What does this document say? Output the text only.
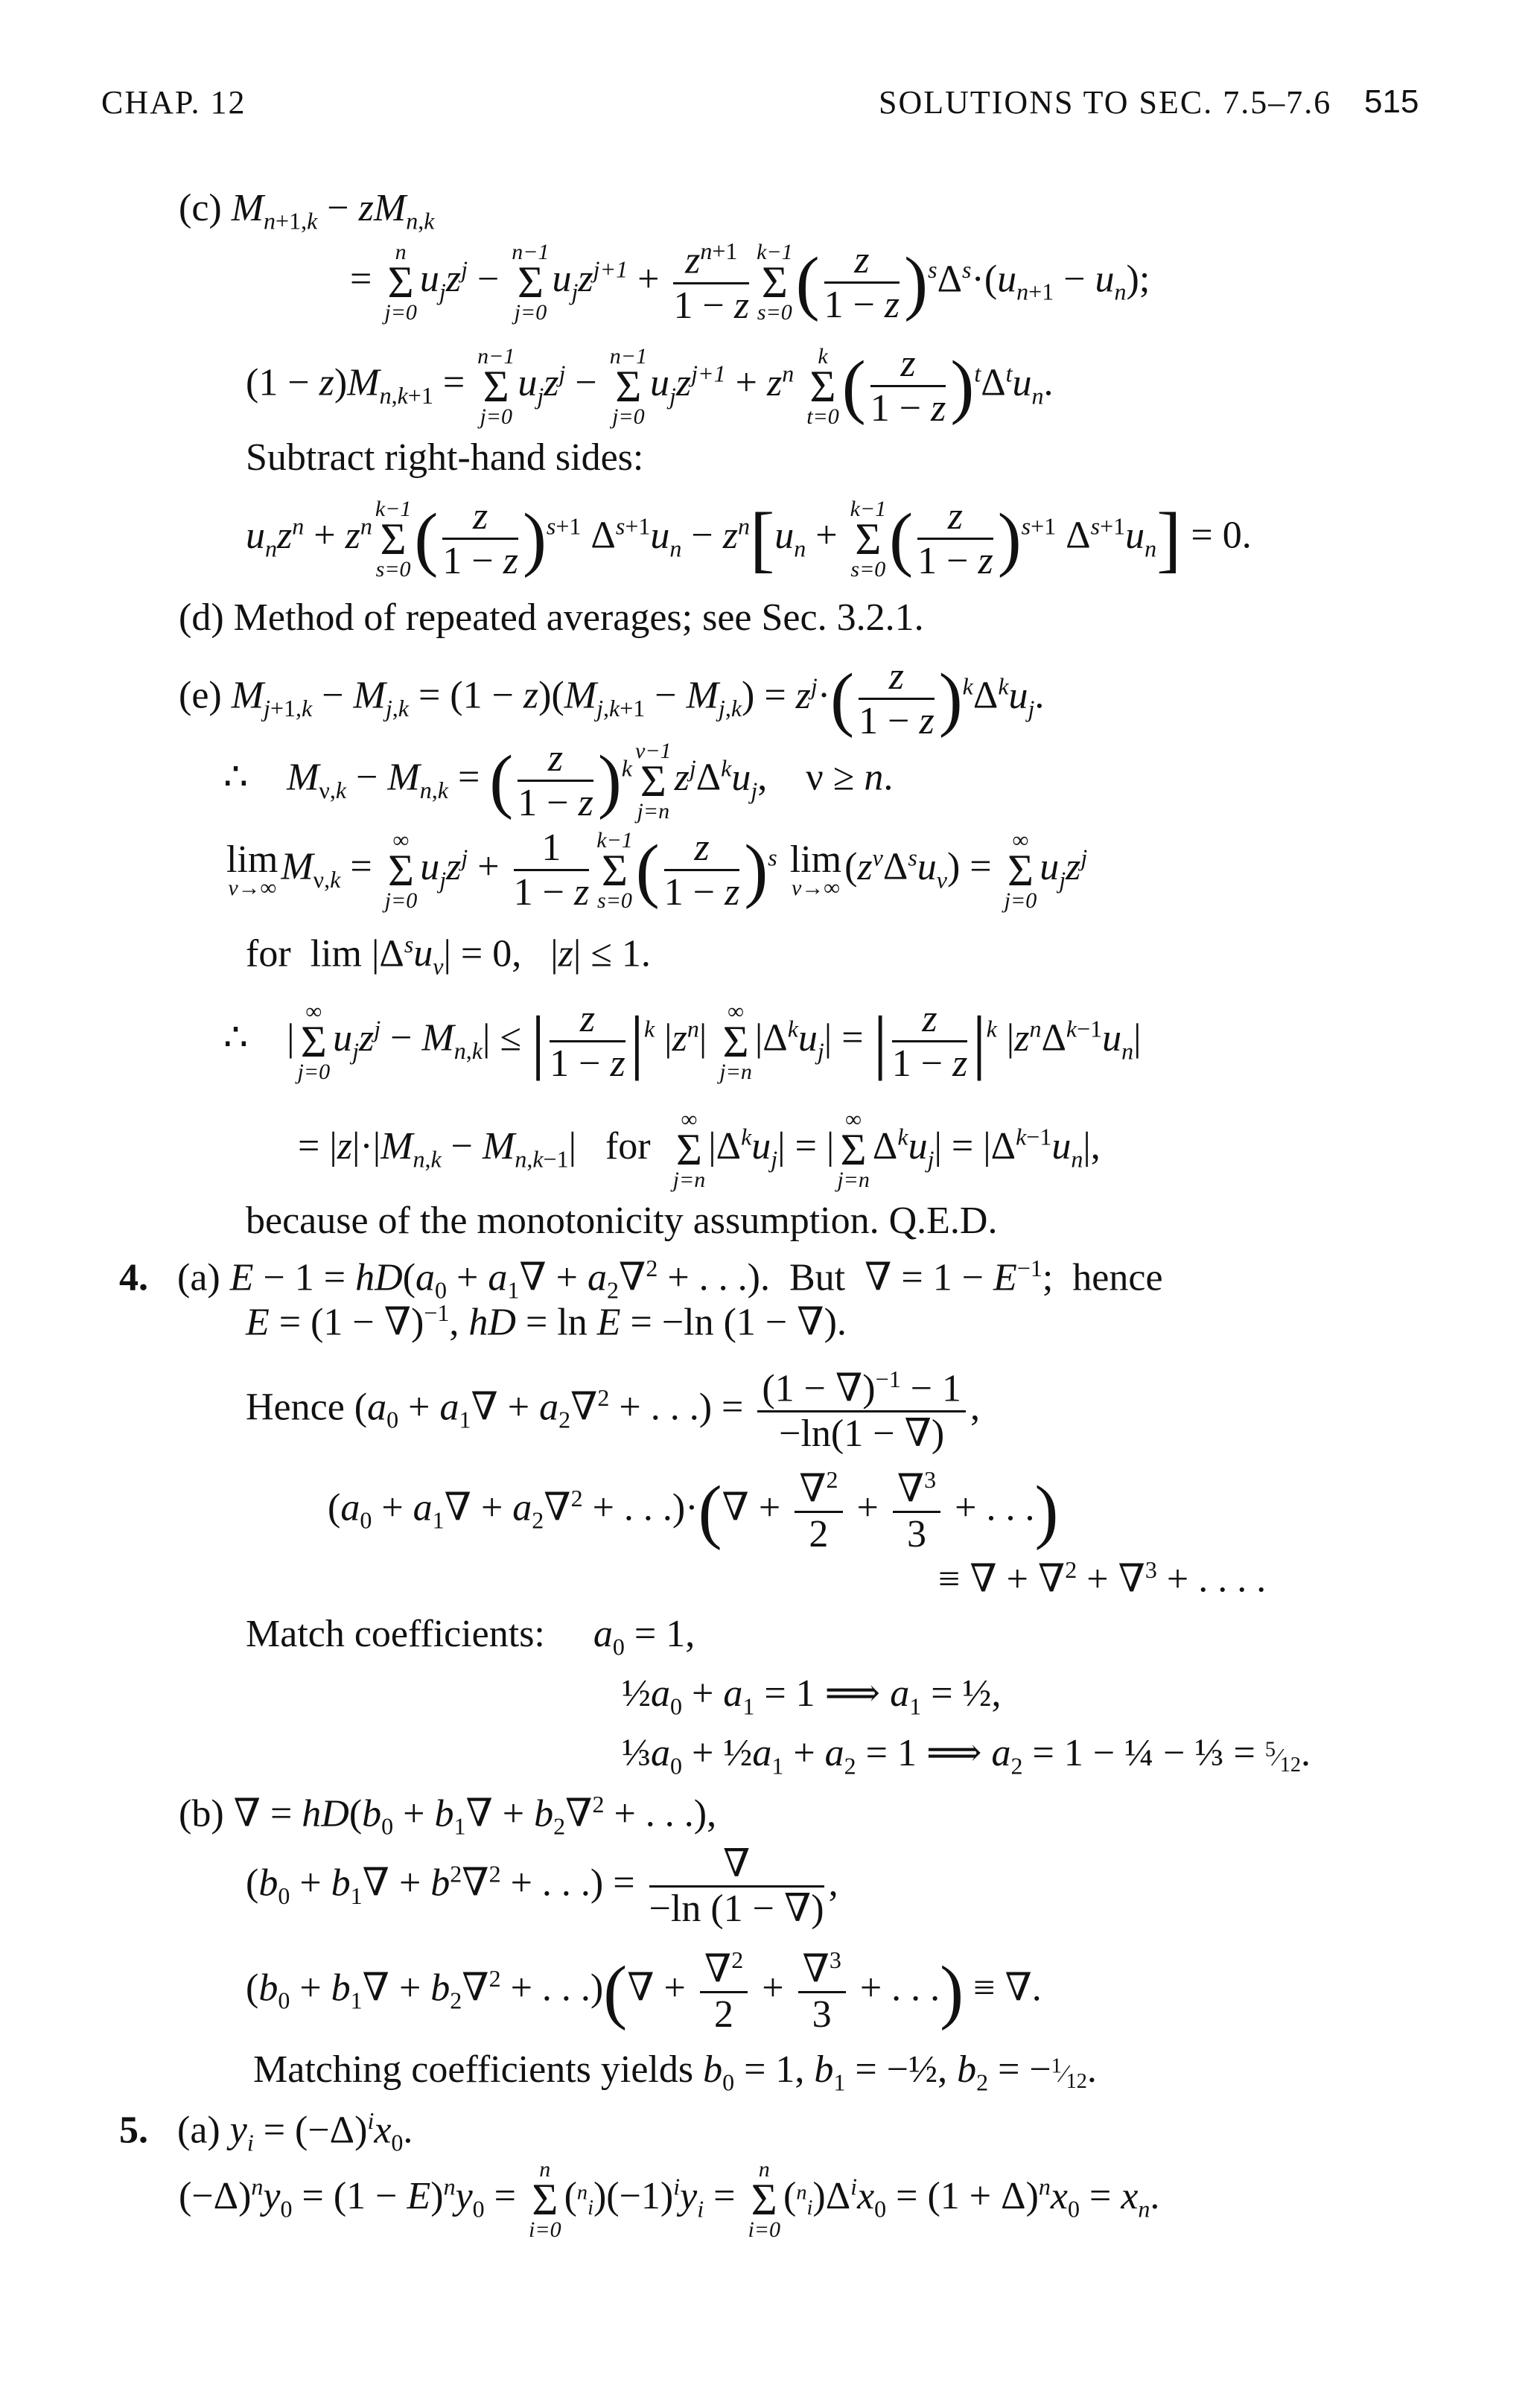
CHAP. 12	SOLUTIONS TO SEC. 7.5–7.6 515
(c) $M_{n+1,k} - zM_{n,k}$
=
n
Σ
j=0
$u_jz^j$ −
n−1
Σ
j=0
$u_jz^{j+1} + \frac{z^{n+1}}{1 - z} k-1$
Σ
s=0 ( $\frac{z}{1 - z} )^s\Delta^s\cdot(u_{n+1} - u_n)$;
$(1 - z)M_{n,k+1}$ =
n−1
Σ
j=0
$u_jz^j$ −
n−1
Σ
j=0
$u_jz^{j+1} + z^n$
k
Σ
t=0 ( $\frac{z}{1 - z} )^t\Delta^tu_n$.
Subtract right-hand sides:
$u_nz^n + z^n$
k−1
Σ
s=0 ( $\frac{z}{1 - z} )^{s+1}$ $\Delta^{s+1}u_n - z^n[u_n$ +
k−1
Σ
s=0 ( $\frac{z}{1 - z} )^{s+1}$ $\Delta^{s+1}u_n] = 0$.
(d) Method of repeated averages; see Sec. 3.2.1.
(e) $M_{j+1,k} - M_{j,k} = (1 - z)(M_{j,k+1} - M_{j,k}) = z^j\cdot( \frac{z}{1 - z} )^k\Delta^ku_j$.
∴    $M_{\nu,k} - M_{n,k}$ = ( $\frac{z}{1 - z} )^k$
ν−1
Σ
j=n
$z^j\Delta^ku_j$,    ν ≥ n.
lim
ν→∞ $M_{\nu,k}$ =
∞
Σ
j=0
$u_jz^j + \frac{1}{1 - z} k-1$
Σ
s=0 ( $\frac{z}{1 - z} )^s$ lim
ν→∞ $(z^\nu\Delta^su_\nu)$ =
∞
Σ
j=0
$u_jz^j$
for  $\lim |\Delta^su_\nu| = 0$,   |z| ≤ 1.
∴    |
∞
Σ
j=0
$u_jz^j - M_{n,k}|$ ≤ | $\frac{z}{1 - z} |^k$ $|z^n|$
∞
Σ
j=n
$|\Delta^ku_j|$ = | $\frac{z}{1 - z} |^k$ $|z^n\Delta^{k-1}u_n|$
= $|z|\cdot|M_{n,k} - M_{n,k-1}|$   for
∞
Σ
j=n
$|\Delta^ku_j|$ = |
∞
Σ
j=n
$\Delta^ku_j| = |\Delta^{k-1}u_n|$,
because of the monotonicity assumption. Q.E.D.
4.   (a) $E - 1 = hD(a_0 + a_1\nabla + a_2\nabla^2$ + . . .).  But  ∇ = $1 - E^{-1}$;  hence
E = (1 − ∇)$^{-1}$, hD = ln E = −ln (1 − ∇).
Hence ($a_0 + a_1\nabla + a_2\nabla^2$ + . . .) = $\frac{(1 - \nabla)^{-1} - 1}{-\ln(1 - \nabla)}$ ,
($a_0 + a_1\nabla + a_2\nabla^2$ + . . .)·(∇ + $\frac{\nabla^2}{2} + \frac{\nabla^3}{3}$ + . . .)
≡ ∇ + ∇$^2$ + ∇$^3$ + . . . .
Match coefficients:     $a_0 = 1$,
$\frac{1}{2}a_0 + a_1 = 1$ ⟹ $a_1$ = ½,
$\frac{1}{3}a_0$ + $\frac{1}{2}a_1 + a_2 = 1$ ⟹ $a_2 = 1$ − ¼ − ⅓ = $^5⁄_{12}$.
(b) ∇ = $hD(b_0 + b_1\nabla + b_2\nabla^2$ + . . .),
($b_0 + b_1\nabla + b^2\nabla^2$ + . . .) = $\frac{\nabla}{-\ln (1 - \nabla)}$ ,
($b_0 + b_1\nabla + b_2\nabla^2$ + . . .)(∇ + $\frac{\nabla^2}{2} + \frac{\nabla^3}{3}$ + . . .) ≡ ∇.
Matching coefficients yields $b_0 = 1$, $b_1$ = −½, $b_2$ = $-^1⁄_{12}$.
5.   (a) $y_i = (-\Delta)^ix_0$.
$(-\Delta)^ny_0 = (1 - E)^ny_0$ =
n
Σ
i=0
$(^n_i)(-1)^iy_i$ =
n
Σ
i=0
$(^n_i)\Delta^ix_0 = (1 + \Delta)^nx_0 = x_n$.
